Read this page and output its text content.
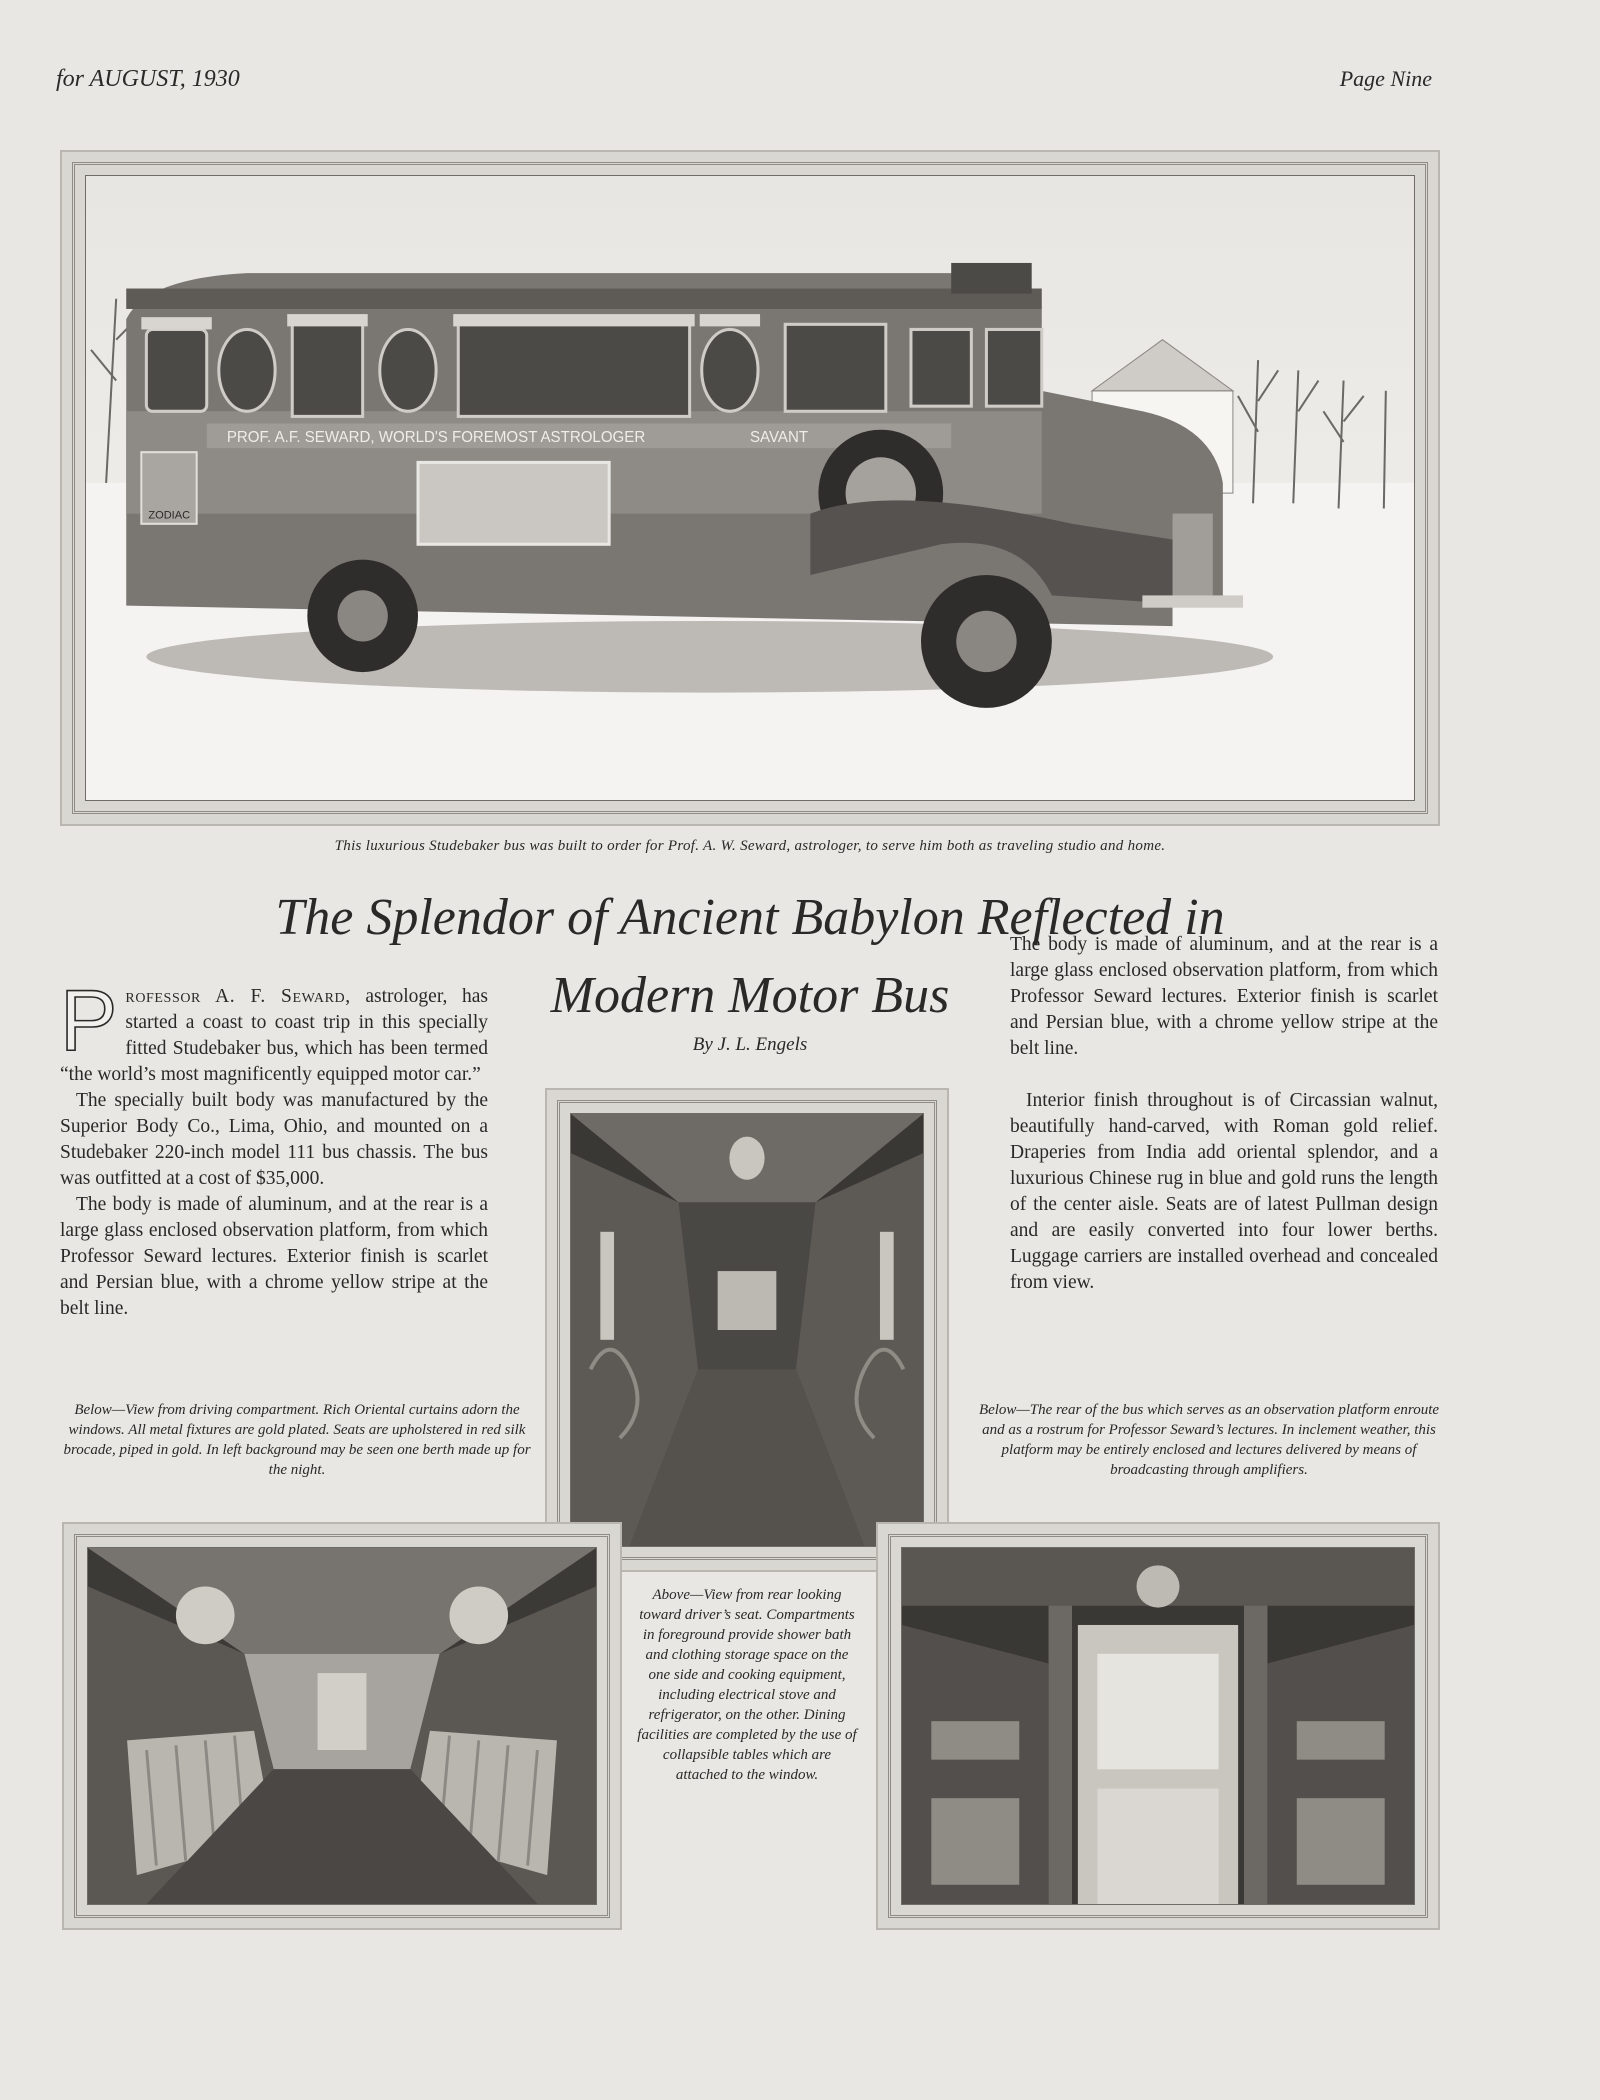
for AUGUST, 1930	Page Nine
PROF. A.F. SEWARD, WORLD'S FOREMOST ASTROLOGER	SAVANT
ZODIAC
This luxurious Studebaker bus was built to order for Prof. A. W. Seward, astrologer, to serve him both as traveling studio and home.
The Splendor of Ancient Babylon Reflected in
Modern Motor Bus
By J. L. Engels

Professor A. F. Seward, astrologer, has started a coast to coast trip in this specially fitted Studebaker bus, which has been termed “the world’s most magnificently equipped motor car.”

The specially built body was manufactured by the Superior Body Co., Lima, Ohio, and mounted on a Studebaker 220-inch model 111 bus chassis. The bus was outfitted at a cost of $35,000.

The body is made of aluminum, and at the rear is a large glass enclosed observation platform, from which Professor Seward lectures. Exterior finish is scarlet and Persian blue, with a chrome yellow stripe at the belt line.

The body is made of aluminum, and at the rear is a large glass enclosed observation platform, from which Professor Seward lectures. Exterior finish is scarlet and Persian blue, with a chrome yellow stripe at the belt line.

Interior finish throughout is of Circassian walnut, beautifully hand-carved, with Roman gold relief. Draperies from India add oriental splendor, and a luxurious Chinese rug in blue and gold runs the length of the center aisle. Seats are of latest Pullman design and are easily converted into four lower berths. Luggage carriers are installed overhead and concealed from view.

Below—View from driving compartment. Rich Oriental curtains adorn the windows. All metal fixtures are gold plated. Seats are upholstered in red silk brocade, piped in gold. In left background may be seen one berth made up for the night.
Below—The rear of the bus which serves as an observation platform enroute and as a rostrum for Professor Seward’s lectures. In inclement weather, this platform may be entirely enclosed and lectures delivered by means of broadcasting through amplifiers.
Above—View from rear looking toward driver’s seat. Compartments in foreground provide shower bath and clothing storage space on the one side and cooking equipment, including electrical stove and refrigerator, on the other. Dining facilities are completed by the use of collapsible tables which are attached to the window.
